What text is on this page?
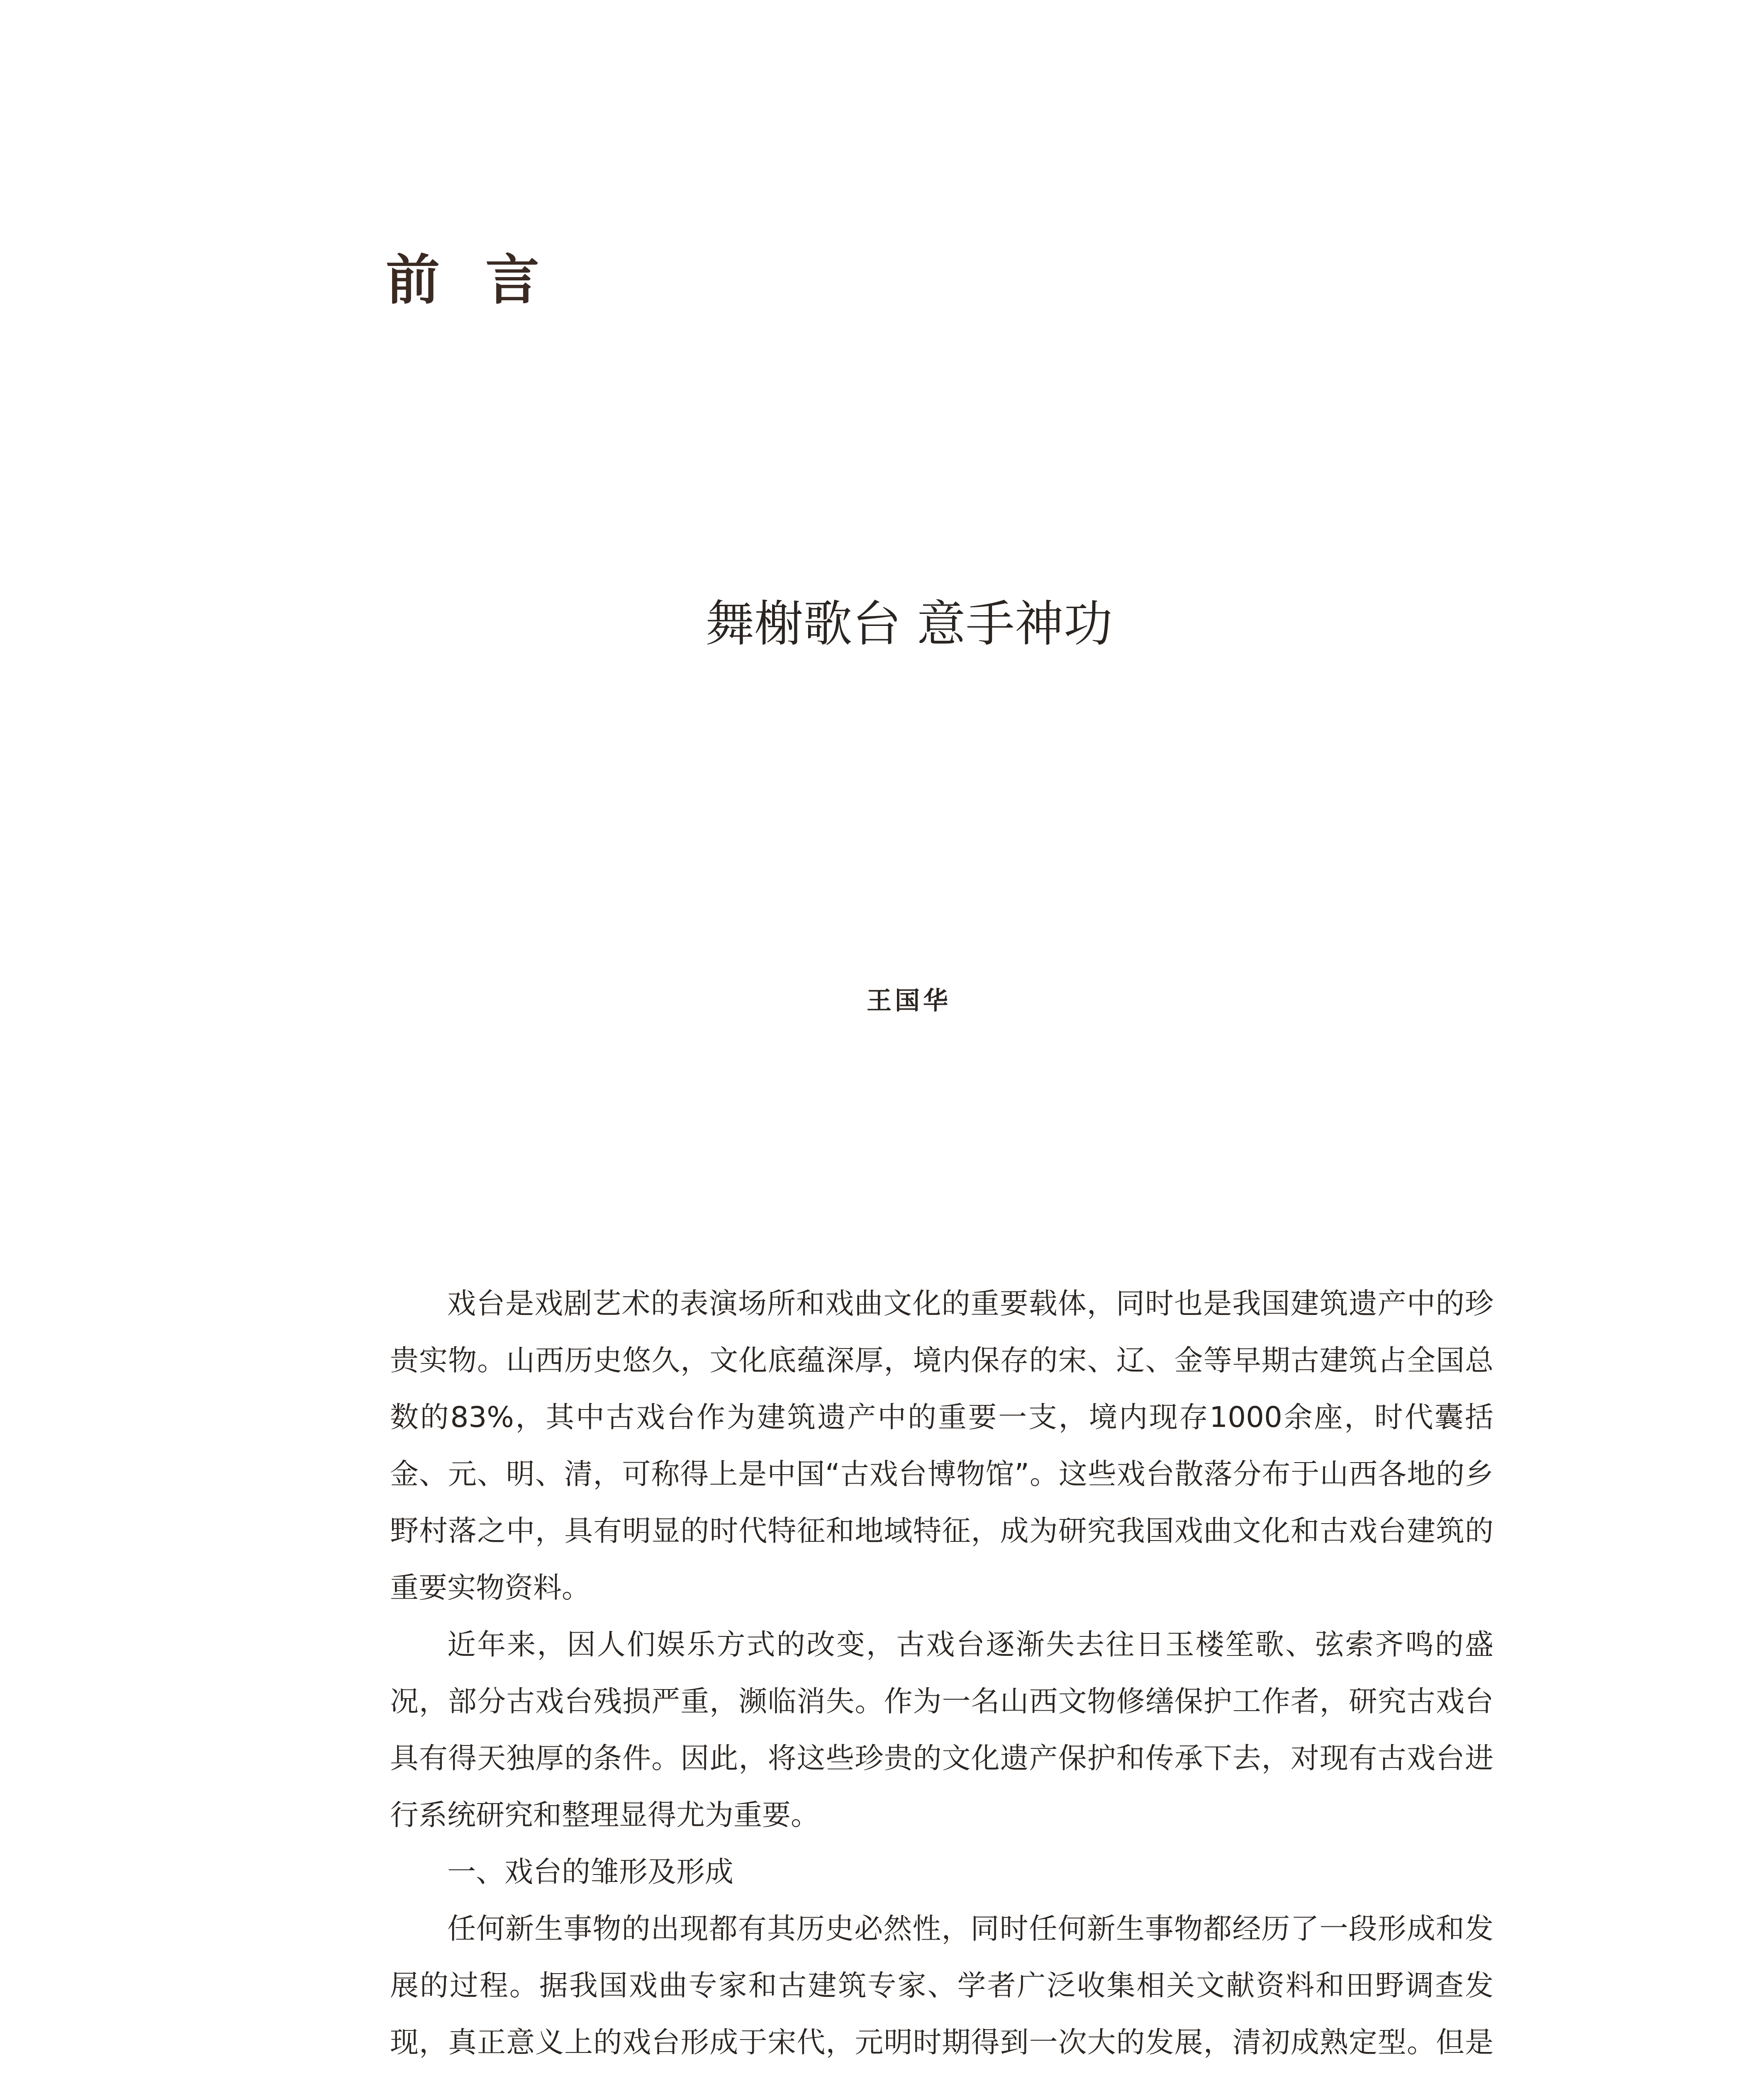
前言
舞榭歌台 意手神功
王国华

戏台是戏剧艺术的表演场所和戏曲文化的重要载体，同时也是我国建筑遗产中的珍贵实物。山西历史悠久，文化底蕴深厚，境内保存的宋、辽、金等早期古建筑占全国总数的83%，其中古戏台作为建筑遗产中的重要一支，境内现存1000余座，时代囊括金、元、明、清，可称得上是中国“古戏台博物馆”。这些戏台散落分布于山西各地的乡野村落之中，具有明显的时代特征和地域特征，成为研究我国戏曲文化和古戏台建筑的重要实物资料。

近年来，因人们娱乐方式的改变，古戏台逐渐失去往日玉楼笙歌、弦索齐鸣的盛况，部分古戏台残损严重，濒临消失。作为一名山西文物修缮保护工作者，研究古戏台具有得天独厚的条件。因此，将这些珍贵的文化遗产保护和传承下去，对现有古戏台进行系统研究和整理显得尤为重要。

一、戏台的雏形及形成

任何新生事物的出现都有其历史必然性，同时任何新生事物都经历了一段形成和发展的过程。据我国戏曲专家和古建筑专家、学者广泛收集相关文献资料和田野调查发现，真正意义上的戏台形成于宋代，元明时期得到一次大的发展，清初成熟定型。但是
